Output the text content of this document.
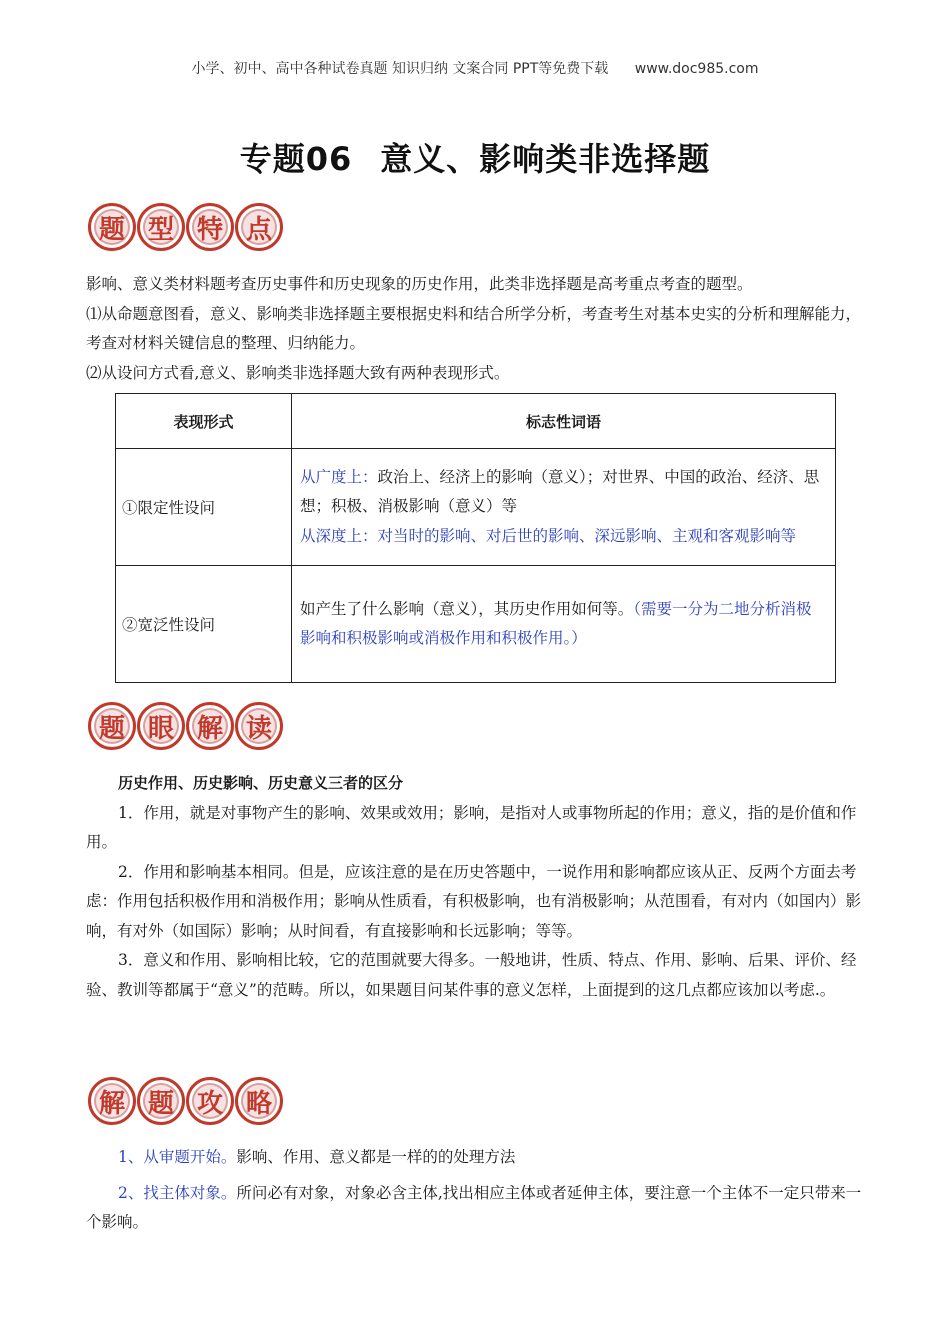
小学、初中、高中各种试卷真题 知识归纳 文案合同 PPT等免费下载 www.doc985.com
专题06 意义、影响类非选择题
题 型 特 点
影响、意义类材料题考查历史事件和历史现象的历史作用，此类非选择题是高考重点考查的题型。
⑴从命题意图看，意义、影响类非选择题主要根据史料和结合所学分析，考查考生对基本史实的分析和理解能力，考查对材料关键信息的整理、归纳能力。
⑵从设问方式看,意义、影响类非选择题大致有两种表现形式。
表现形式	标志性词语
①限定性设问	从广度上：政治上、经济上的影响（意义）；对世界、中国的政治、经济、思想；积极、消极影响（意义）等
从深度上：对当时的影响、对后世的影响、深远影响、主观和客观影响等
②宽泛性设问	如产生了什么影响（意义），其历史作用如何等。（需要一分为二地分析消极影响和积极影响或消极作用和积极作用。）
题 眼 解 读
历史作用、历史影响、历史意义三者的区分
1．作用，就是对事物产生的影响、效果或效用；影响，是指对人或事物所起的作用；意义，指的是价值和作用。
2．作用和影响基本相同。但是，应该注意的是在历史答题中，一说作用和影响都应该从正、反两个方面去考虑：作用包括积极作用和消极作用；影响从性质看，有积极影响，也有消极影响；从范围看，有对内（如国内）影响，有对外（如国际）影响；从时间看，有直接影响和长远影响；等等。
3．意义和作用、影响相比较，它的范围就要大得多。一般地讲，性质、特点、作用、影响、后果、评价、经验、教训等都属于“意义”的范畴。所以，如果题目问某件事的意义怎样，上面提到的这几点都应该加以考虑.。
解 题 攻 略
1、从审题开始。影响、作用、意义都是一样的的处理方法
2、找主体对象。所问必有对象，对象必含主体,找出相应主体或者延伸主体，要注意一个主体不一定只带来一个影响。
